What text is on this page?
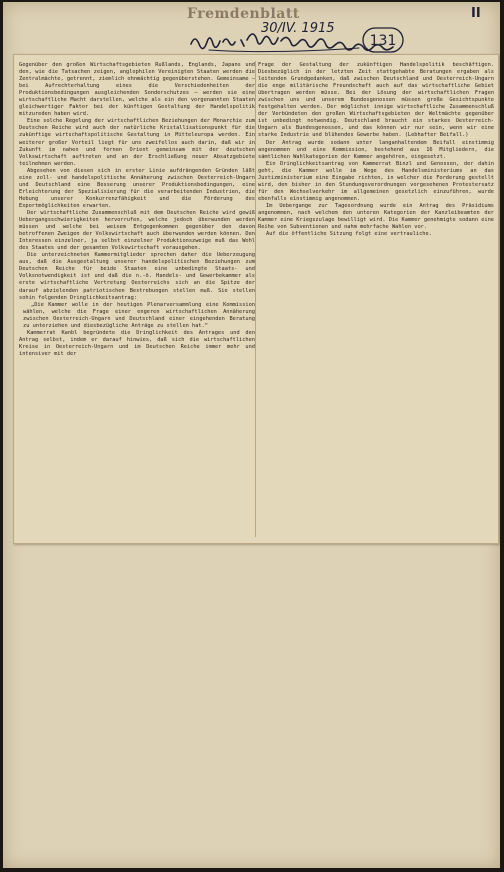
Fremdenblatt
30/IV. 1915
II
131

Gegenüber den großen Wirtschaftsgebieten Rußlands, Englands, Japans und den, wie die Tatsachen zeigen, anglophilen Vereinigten Staaten werden die Zentralmächte, getrennt, ziemlich ohnmächtig gegenüberstehen. Gemeinsame — bei Aufrechterhaltung eines die Verschiedenheiten der Produktionsbedingungen ausgleichenden Sonderschutzes — werden sie eine wirtschaftliche Macht darstellen, welche als ein den vorgenannten Staaten gleichwertiger Faktor bei der künftigen Gestaltung der Handelspolitik mitzureden haben wird.

Eine solche Regelung der wirtschaftlichen Beziehungen der Monarchie zum Deutschen Reiche wird auch der natürliche Kristallisationspunkt für die zukünftige wirtschaftspolitische Gestaltung in Mitteleuropa werden. Ein weiterer großer Vorteil liegt für uns zweifellos auch darin, daß wir in Zukunft im nahen und fernen Orient gemeinsam mit der deutschen Volkswirtschaft auftreten und an der Erschließung neuer Absatzgebiete teilnehmen werden.

Abgesehen von diesen sich in erster Linie aufdrängenden Gründen läßt eine zoll- und handelspolitische Annäherung zwischen Oesterreich-Ungarn und Deutschland eine Besserung unserer Produktionsbedingungen, eine Erleichterung der Spezialisierung für die verarbeitenden Industrien, die Hebung unserer Konkurrenzfähigkeit und die Förderung des Exportmöglichkeiten erwarten.

Der wirtschaftliche Zusammenschluß mit dem Deutschen Reiche wird gewiß Uebergangsschwierigkeiten hervorrufen, welche jedoch überwunden werden müssen und welche bei weisem Entgegenkommen gegenüber den davon betroffenen Zweigen der Volkswirtschaft auch überwunden werden können. Den Interessen einzelner, ja selbst einzelner Produktionszweige muß das Wohl des Staates und der gesamten Volkswirtschaft vorausgehen.

Die unterzeichneten Kammermitglieder sprechen daher die Ueberzeugung aus, daß die Ausgestaltung unserer handelspolitischen Beziehungen zum Deutschen Reiche für beide Staaten eine unbedingte Staats- und Volksnotwendigkeit ist und daß die n.-ö. Handels- und Gewerbekammer als erste wirtschaftliche Vertretung Oesterreichs sich an die Spitze der darauf abzielenden patriotischen Bestrebungen stellen muß. Sie stellen sohin folgenden Dringlichkeitsantrag:

„Die Kammer wolle in der heutigen Plenarversammlung eine Kommission wählen, welche die Frage einer engeren wirtschaftlichen Annäherung zwischen Oesterreich-Ungarn und Deutschland einer eingehenden Beratung zu unterziehen und diesbezügliche Anträge zu stellen hat.“

Kammerrat Kanbl begründete die Dringlichkeit des Antrages und den Antrag selbst, indem er darauf hinwies, daß sich die wirtschaftlichen Kreise in Oesterreich-Ungarn und im Deutschen Reiche immer mehr und intensiver mit der

Frage der Gestaltung der zukünftigen Handelspolitik beschäftigen. Diesbezüglich in der letzten Zeit stattgehabte Beratungen ergaben als leitenden Grundgedanken, daß zwischen Deutschland und Oesterreich-Ungarn die enge militärische Freundschaft auch auf das wirtschaftliche Gebiet übertragen werden müsse. Bei der Lösung der wirtschaftlichen Fragen zwischen uns und unserem Bundesgenossen müssen große Gesichtspunkte festgehalten werden. Der möglichst innige wirtschaftliche Zusammenschluß der Verbündeten den großen Wirtschaftsgebieten der Weltmächte gegenüber ist unbedingt notwendig. Deutschland braucht ein starkes Oesterreich-Ungarn als Bundesgenossen, und das können wir nur sein, wenn wir eine starke Industrie und blühendes Gewerbe haben. (Lebhafter Beifall.)

Der Antrag wurde sodann unter langanhaltendem Beifall einstimmig angenommen und eine Kommission, bestehend aus 16 Mitgliedern, die sämtlichen Wahlkategorien der Kammer angehören, eingesetzt.

Ein Dringlichkeitsantrag von Kammerrat Binzl und Genossen, der dahin geht, die Kammer wolle im Wege des Handelsministeriums an das Justizministerium eine Eingabe richten, in welcher die Forderung gestellt wird, den bisher in den Stundungsverordnungen vorgesehenen Protestersatz für den Wechselverkehr im allgemeinen gesetzlich einzuführen, wurde ebenfalls einstimmig angenommen.

Im Uebergange zur Tagesordnung wurde ein Antrag des Präsidiums angenommen, nach welchem den unteren Kategorien der Kanzleibeamten der Kammer eine Kriegszulage bewilligt wird. Die Kammer genehmigte sodann eine Reihe von Subventionen und nahm mehrfache Wahlen vor.

Auf die öffentliche Sitzung folgt eine vertrauliche.
